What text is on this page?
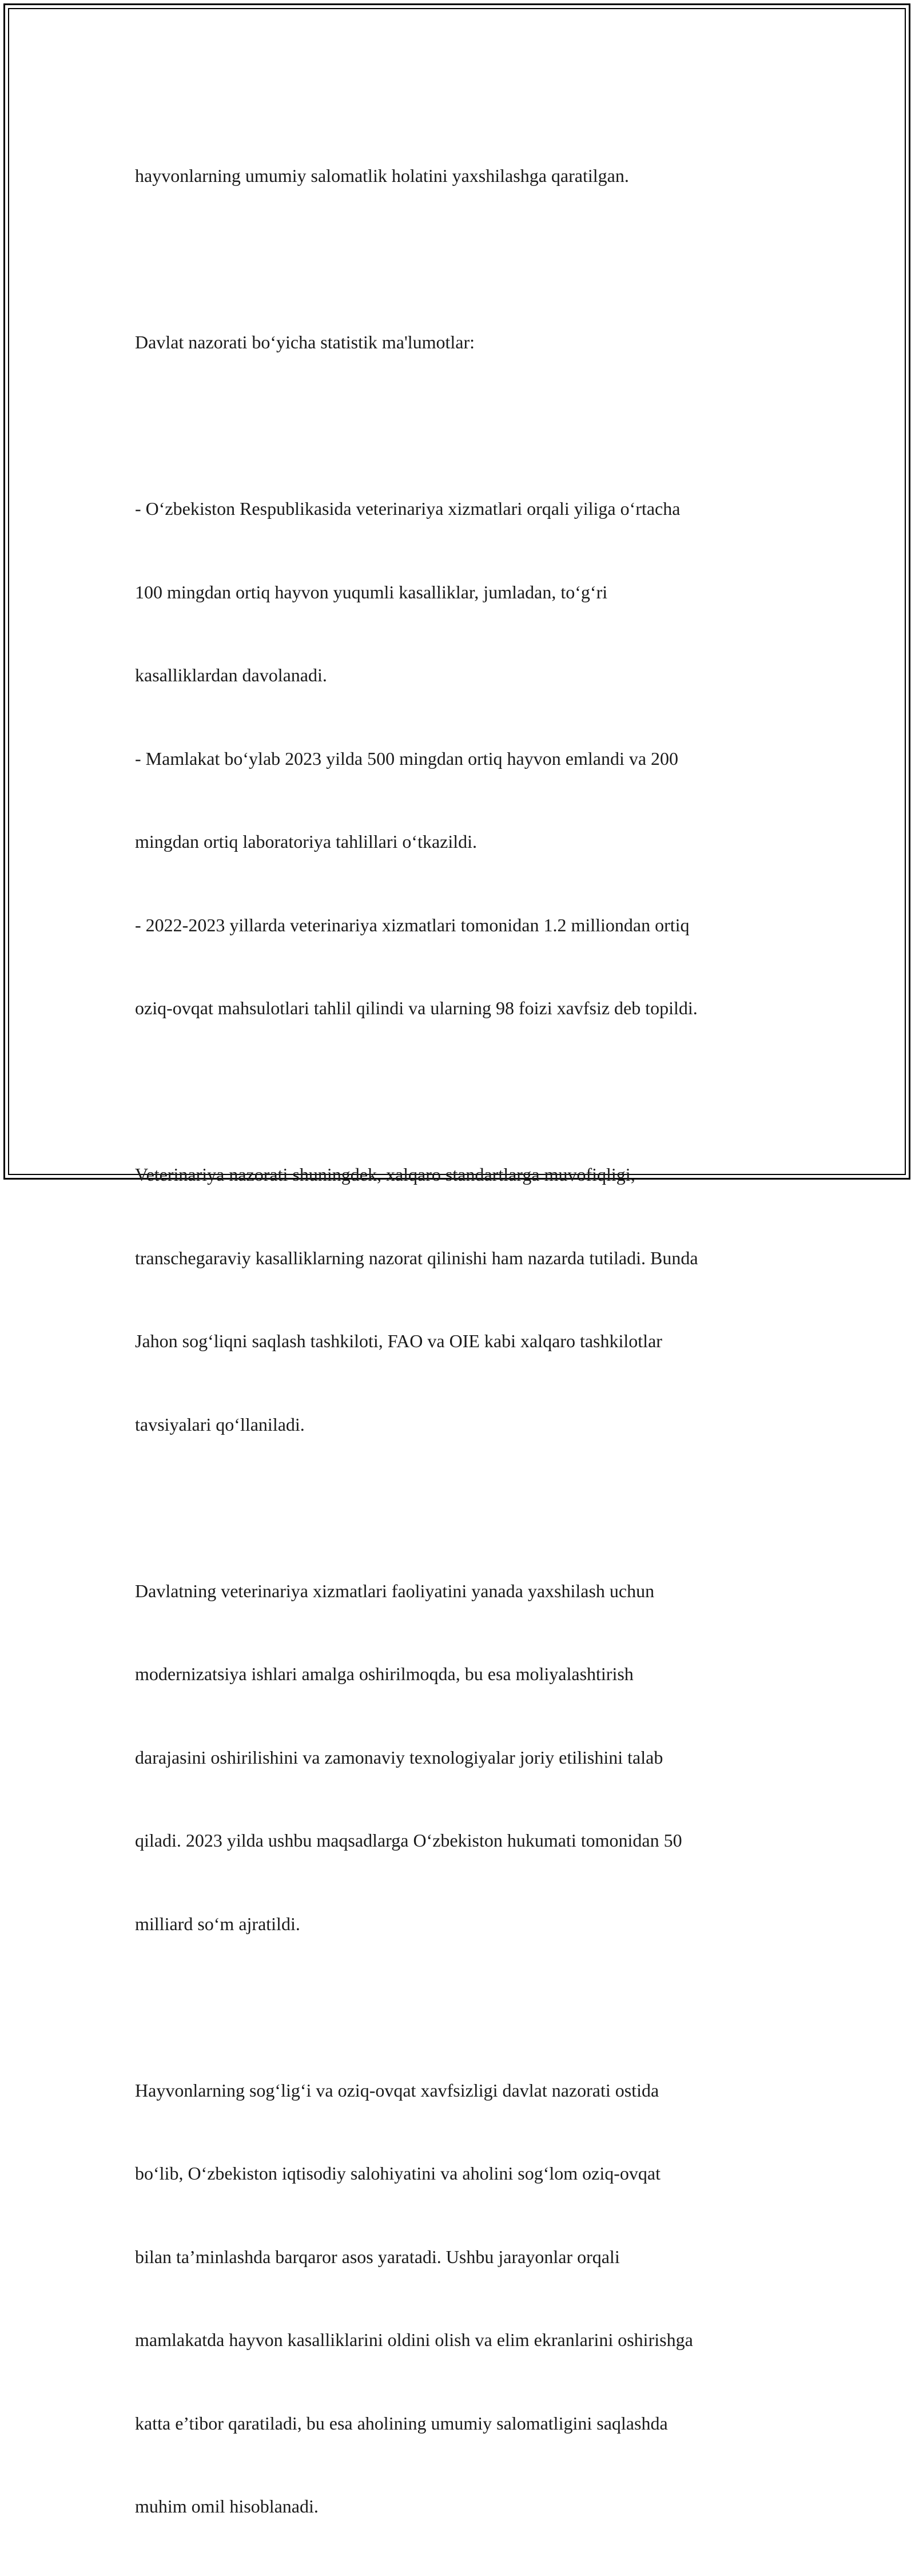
hayvonlarning umumiy salomatlik holatini yaxshilashga qaratilgan.

Davlat nazorati bo‘yicha statistik ma'lumotlar:

- O‘zbekiston Respublikasida veterinariya xizmatlari orqali yiliga o‘rtacha

100 mingdan ortiq hayvon yuqumli kasalliklar, jumladan, to‘g‘ri

kasalliklardan davolanadi.

- Mamlakat bo‘ylab 2023 yilda 500 mingdan ortiq hayvon emlandi va 200

mingdan ortiq laboratoriya tahlillari o‘tkazildi.

- 2022-2023 yillarda veterinariya xizmatlari tomonidan 1.2 milliondan ortiq

oziq-ovqat mahsulotlari tahlil qilindi va ularning 98 foizi xavfsiz deb topildi.

Veterinariya nazorati shuningdek, xalqaro standartlarga muvofiqligi,

transchegaraviy kasalliklarning nazorat qilinishi ham nazarda tutiladi. Bunda

Jahon sog‘liqni saqlash tashkiloti, FAO va OIE kabi xalqaro tashkilotlar

tavsiyalari qo‘llaniladi.

Davlatning veterinariya xizmatlari faoliyatini yanada yaxshilash uchun

modernizatsiya ishlari amalga oshirilmoqda, bu esa moliyalashtirish

darajasini oshirilishini va zamonaviy texnologiyalar joriy etilishini talab

qiladi. 2023 yilda ushbu maqsadlarga O‘zbekiston hukumati tomonidan 50

milliard so‘m ajratildi.

Hayvonlarning sog‘lig‘i va oziq-ovqat xavfsizligi davlat nazorati ostida

bo‘lib, O‘zbekiston iqtisodiy salohiyatini va aholini sog‘lom oziq-ovqat

bilan ta’minlashda barqaror asos yaratadi. Ushbu jarayonlar orqali

mamlakatda hayvon kasalliklarini oldini olish va elim ekranlarini oshirishga

katta e’tibor qaratiladi, bu esa aholining umumiy salomatligini saqlashda

muhim omil hisoblanadi.
